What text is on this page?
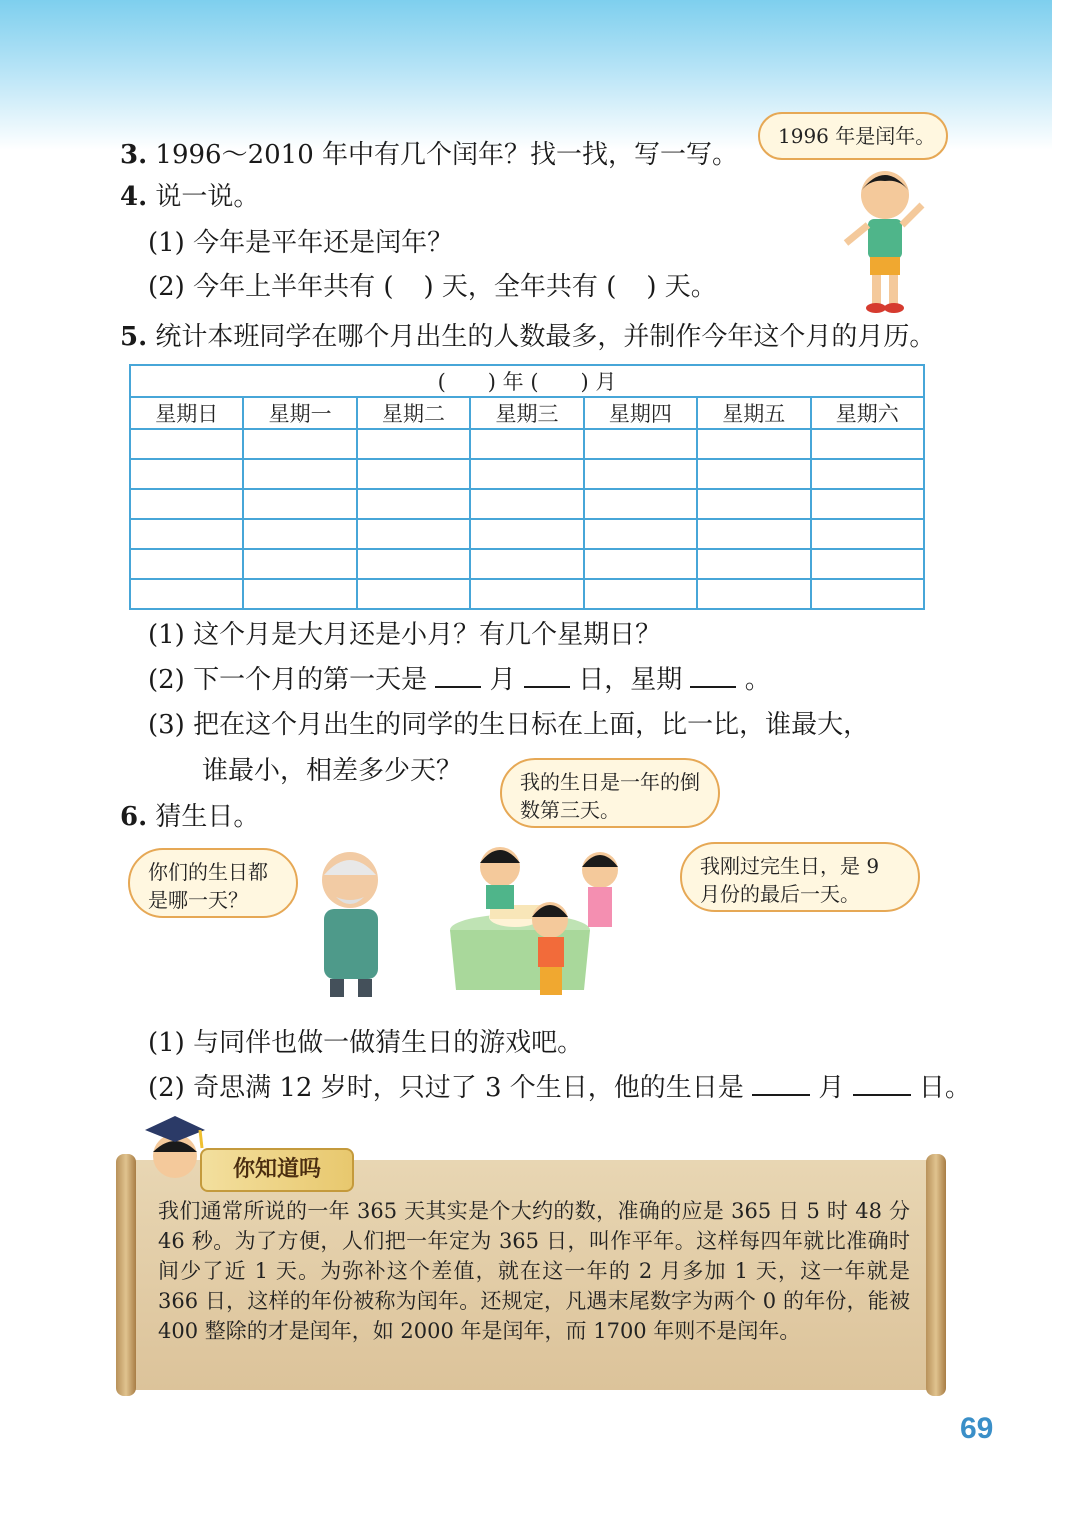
3. 1996～2010 年中有几个闰年？找一找，写一写。
1996 年是闰年。
4. 说一说。
(1) 今年是平年还是闰年？
(2) 今年上半年共有 ( ) 天，全年共有 ( ) 天。
5. 统计本班同学在哪个月出生的人数最多，并制作今年这个月的月历。
(　　) 年 (　　) 月						
星期日	星期一	星期二	星期三	星期四	星期五	星期六

(1) 这个月是大月还是小月？有几个星期日？
(2) 下一个月的第一天是 月 日，星期 。
(3) 把在这个月出生的同学的生日标在上面，比一比，谁最大，
谁最小，相差多少天？
6. 猜生日。
我的生日是一年的倒数第三天。
你们的生日都是哪一天？
我刚过完生日，是 9 月份的最后一天。
(1) 与同伴也做一做猜生日的游戏吧。
(2) 奇思满 12 岁时，只过了 3 个生日，他的生日是	月	日。
你知道吗
我们通常所说的一年 365 天其实是个大约的数，准确的应是 365 日 5 时 48 分 46 秒。为了方便，人们把一年定为 365 日，叫作平年。这样每四年就比准确时间少了近 1 天。为弥补这个差值，就在这一年的 2 月多加 1 天，这一年就是 366 日，这样的年份被称为闰年。还规定，凡遇末尾数字为两个 0 的年份，能被 400 整除的才是闰年，如 2000 年是闰年，而 1700 年则不是闰年。
69
